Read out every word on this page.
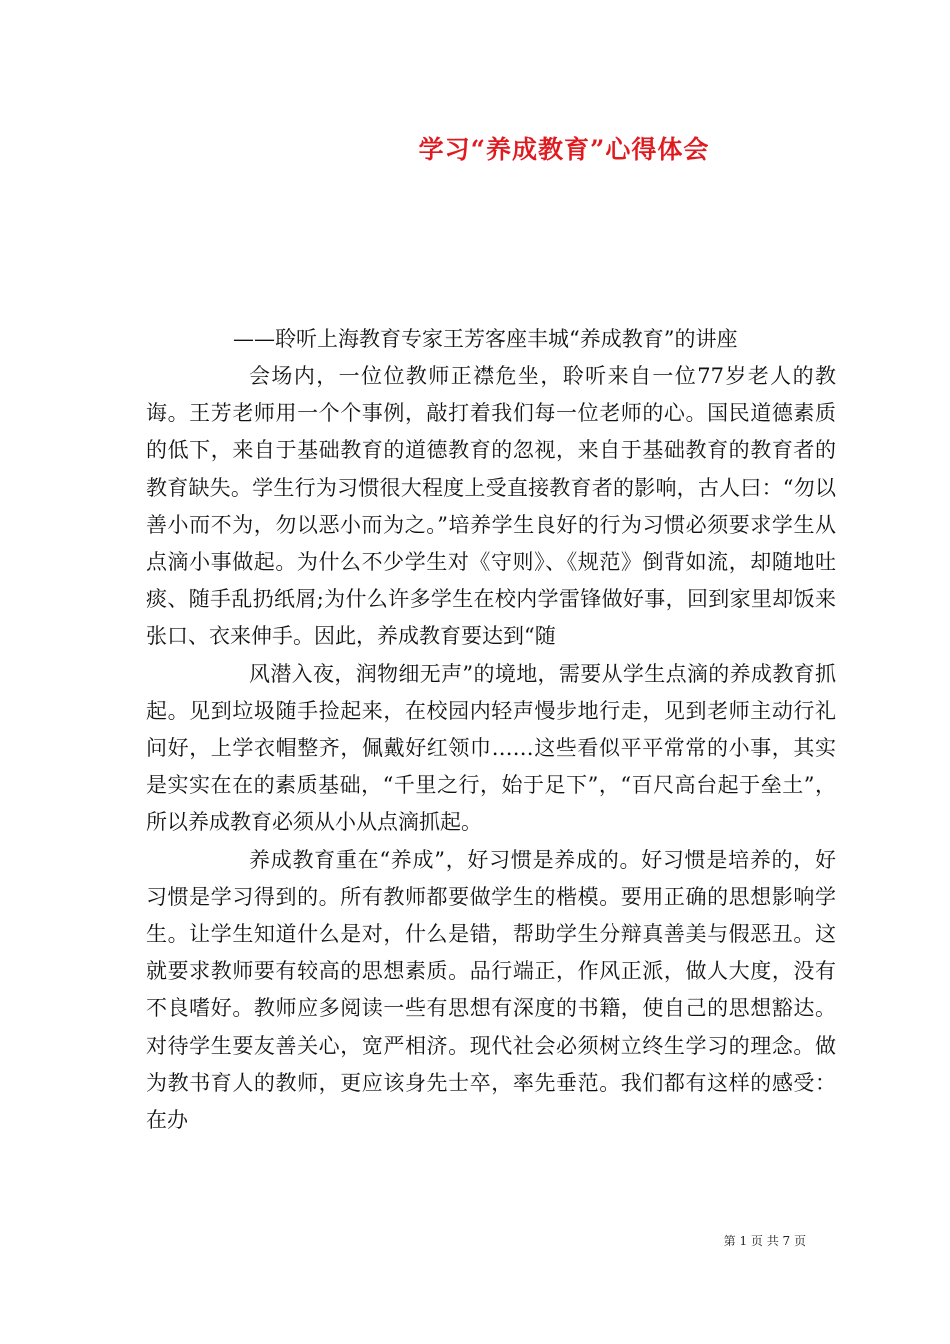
学习“养成教育”心得体会
——聆听上海教育专家王芳客座丰城“养成教育”的讲座

会场内，一位位教师正襟危坐，聆听来自一位77岁老人的教诲。王芳老师用一个个事例，敲打着我们每一位老师的心。国民道德素质的低下，来自于基础教育的道德教育的忽视，来自于基础教育的教育者的教育缺失。学生行为习惯很大程度上受直接教育者的影响，古人曰：“勿以善小而不为，勿以恶小而为之。”培养学生良好的行为习惯必须要求学生从点滴小事做起。为什么不少学生对《守则》、《规范》倒背如流，却随地吐痰、随手乱扔纸屑;为什么许多学生在校内学雷锋做好事，回到家里却饭来张口、衣来伸手。因此，养成教育要达到“随

风潜入夜，润物细无声”的境地，需要从学生点滴的养成教育抓起。见到垃圾随手捡起来，在校园内轻声慢步地行走，见到老师主动行礼问好，上学衣帽整齐，佩戴好红领巾……这些看似平平常常的小事，其实是实实在在的素质基础，“千里之行，始于足下”，“百尺高台起于垒土”，所以养成教育必须从小从点滴抓起。

养成教育重在“养成”，好习惯是养成的。好习惯是培养的，好习惯是学习得到的。所有教师都要做学生的楷模。要用正确的思想影响学生。让学生知道什么是对，什么是错，帮助学生分辩真善美与假恶丑。这就要求教师要有较高的思想素质。品行端正，作风正派，做人大度，没有不良嗜好。教师应多阅读一些有思想有深度的书籍，使自己的思想豁达。对待学生要友善关心，宽严相济。现代社会必须树立终生学习的理念。做为教书育人的教师，更应该身先士卒，率先垂范。我们都有这样的感受：在办

第 1 页 共 7 页
